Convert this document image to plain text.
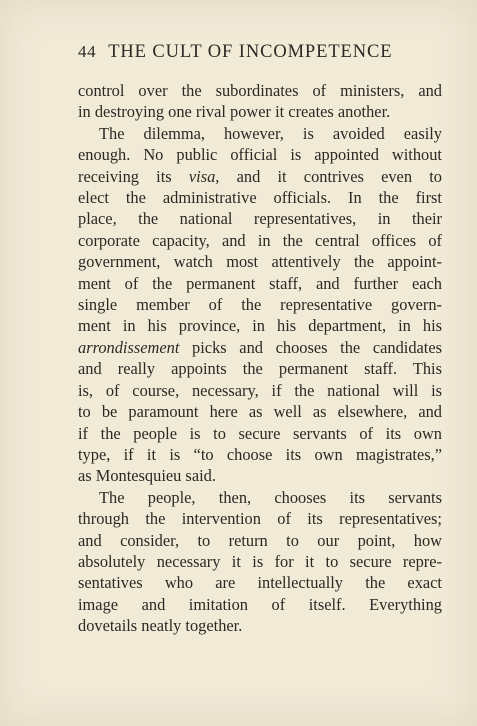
44 THE CULT OF INCOMPETENCE
control over the subordinates of ministers, and
in destroying one rival power it creates another.
The dilemma, however, is avoided easily
enough. No public official is appointed without
receiving its visa, and it contrives even to
elect the administrative officials. In the first
place, the national representatives, in their
corporate capacity, and in the central offices of
government, watch most attentively the appoint-
ment of the permanent staff, and further each
single member of the representative govern-
ment in his province, in his department, in his
arrondissement picks and chooses the candidates
and really appoints the permanent staff. This
is, of course, necessary, if the national will is
to be paramount here as well as elsewhere, and
if the people is to secure servants of its own
type, if it is “to choose its own magistrates,”
as Montesquieu said.
The people, then, chooses its servants
through the intervention of its representatives;
and consider, to return to our point, how
absolutely necessary it is for it to secure repre-
sentatives who are intellectually the exact
image and imitation of itself. Everything
dovetails neatly together.
